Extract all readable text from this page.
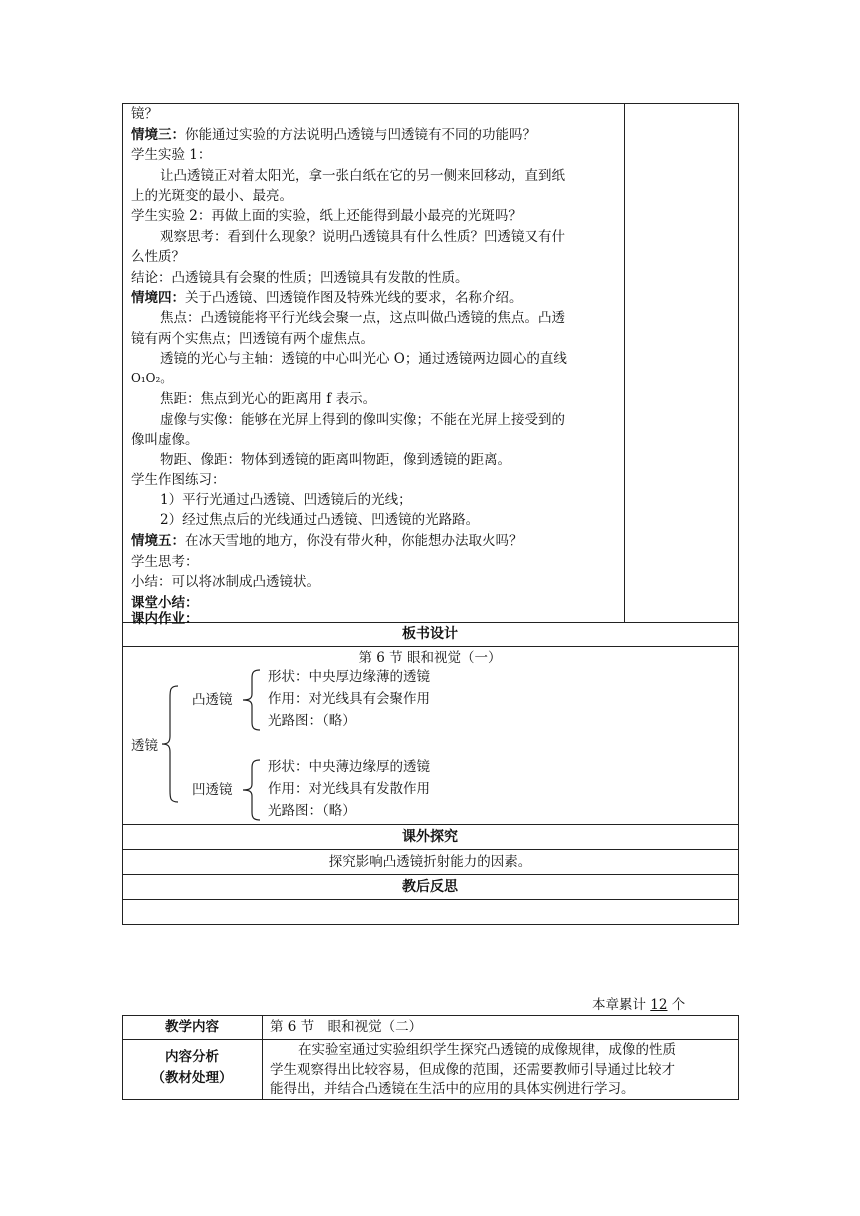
镜？
情境三：你能通过实验的方法说明凸透镜与凹透镜有不同的功能吗？
学生实验 1：
让凸透镜正对着太阳光，拿一张白纸在它的另一侧来回移动，直到纸
上的光斑变的最小、最亮。
学生实验 2：再做上面的实验，纸上还能得到最小最亮的光斑吗？
观察思考：看到什么现象？说明凸透镜具有什么性质？凹透镜又有什
么性质？
结论：凸透镜具有会聚的性质；凹透镜具有发散的性质。
情境四：关于凸透镜、凹透镜作图及特殊光线的要求，名称介绍。
焦点：凸透镜能将平行光线会聚一点，这点叫做凸透镜的焦点。凸透
镜有两个实焦点；凹透镜有两个虚焦点。
透镜的光心与主轴：透镜的中心叫光心 O；通过透镜两边圆心的直线
O₁O₂。
焦距：焦点到光心的距离用 f 表示。
虚像与实像：能够在光屏上得到的像叫实像；不能在光屏上接受到的
像叫虚像。
物距、像距：物体到透镜的距离叫物距，像到透镜的距离。
学生作图练习：
1）平行光通过凸透镜、凹透镜后的光线；
2）经过焦点后的光线通过凸透镜、凹透镜的光路路。
情境五：在冰天雪地的地方，你没有带火种，你能想办法取火吗？
学生思考：
小结：可以将冰制成凸透镜状。
课堂小结：
课内作业：
板书设计
第 6 节 眼和视觉（一）
透镜
凸透镜
凹透镜
形状：中央厚边缘薄的透镜
作用：对光线具有会聚作用
光路图：（略）
形状：中央薄边缘厚的透镜
作用：对光线具有发散作用
光路图：（略）
课外探究
探究影响凸透镜折射能力的因素。
教后反思
本章累计 12 个
教学内容	第 6 节　眼和视觉（二）
内容分析
（教材处理）
在实验室通过实验组织学生探究凸透镜的成像规律，成像的性质
学生观察得出比较容易，但成像的范围，还需要教师引导通过比较才
能得出，并结合凸透镜在生活中的应用的具体实例进行学习。
